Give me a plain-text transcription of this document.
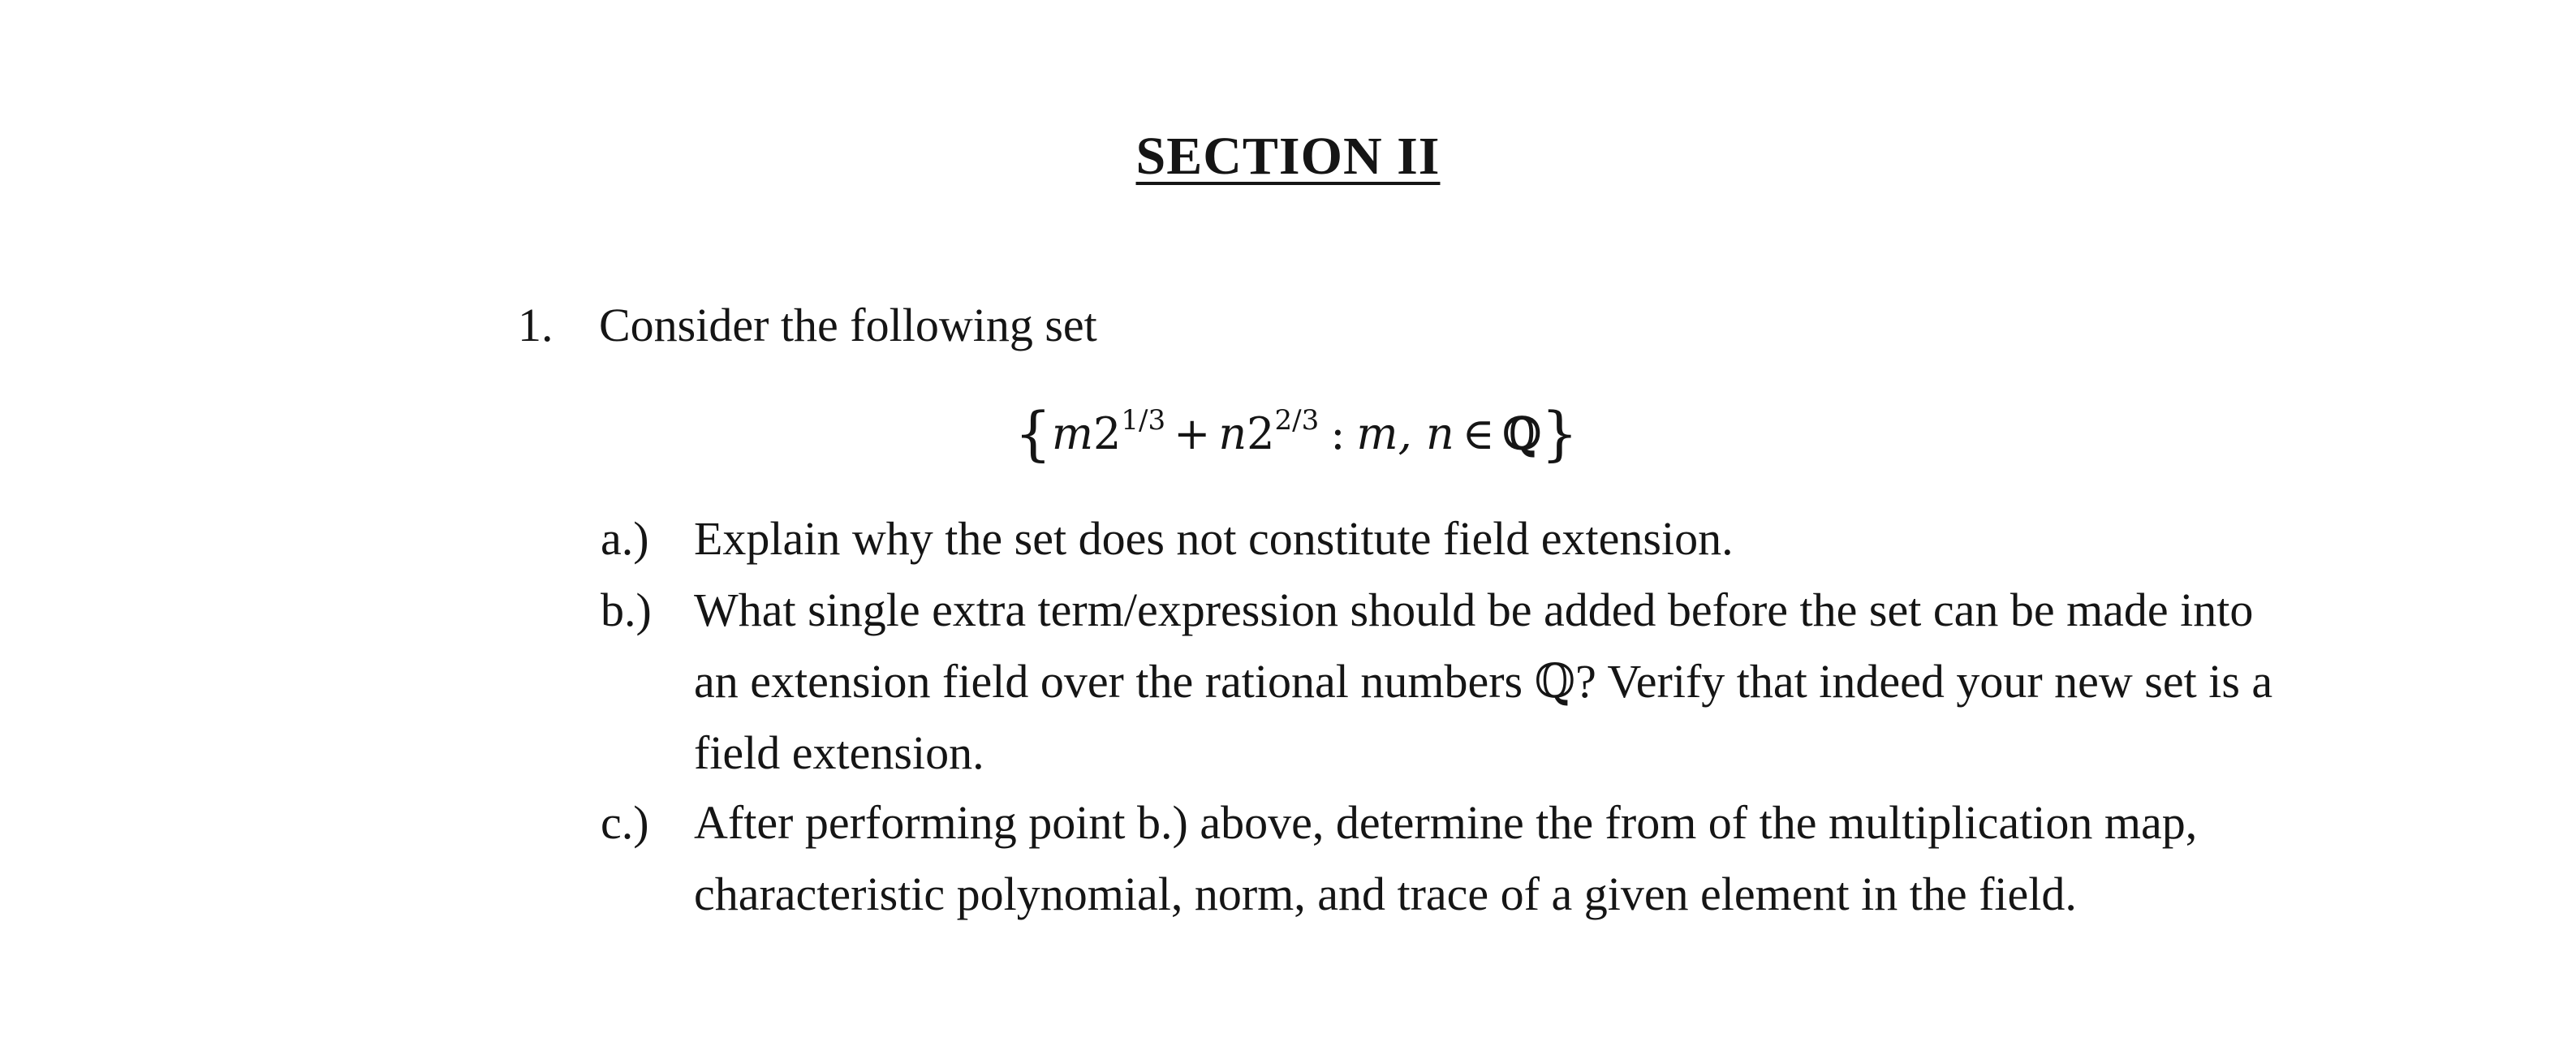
SECTION II
1. Consider the following set
{$m2^{1/3} + n2^{2/3}$ : m, n ∈ ℚ}
a.) Explain why the set does not constitute field extension.
b.) What single extra term/expression should be added before the set can be made into an extension field over the rational numbers ℚ? Verify that indeed your new set is a field extension.
c.) After performing point b.) above, determine the from of the multiplication map, characteristic polynomial, norm, and trace of a given element in the field.
